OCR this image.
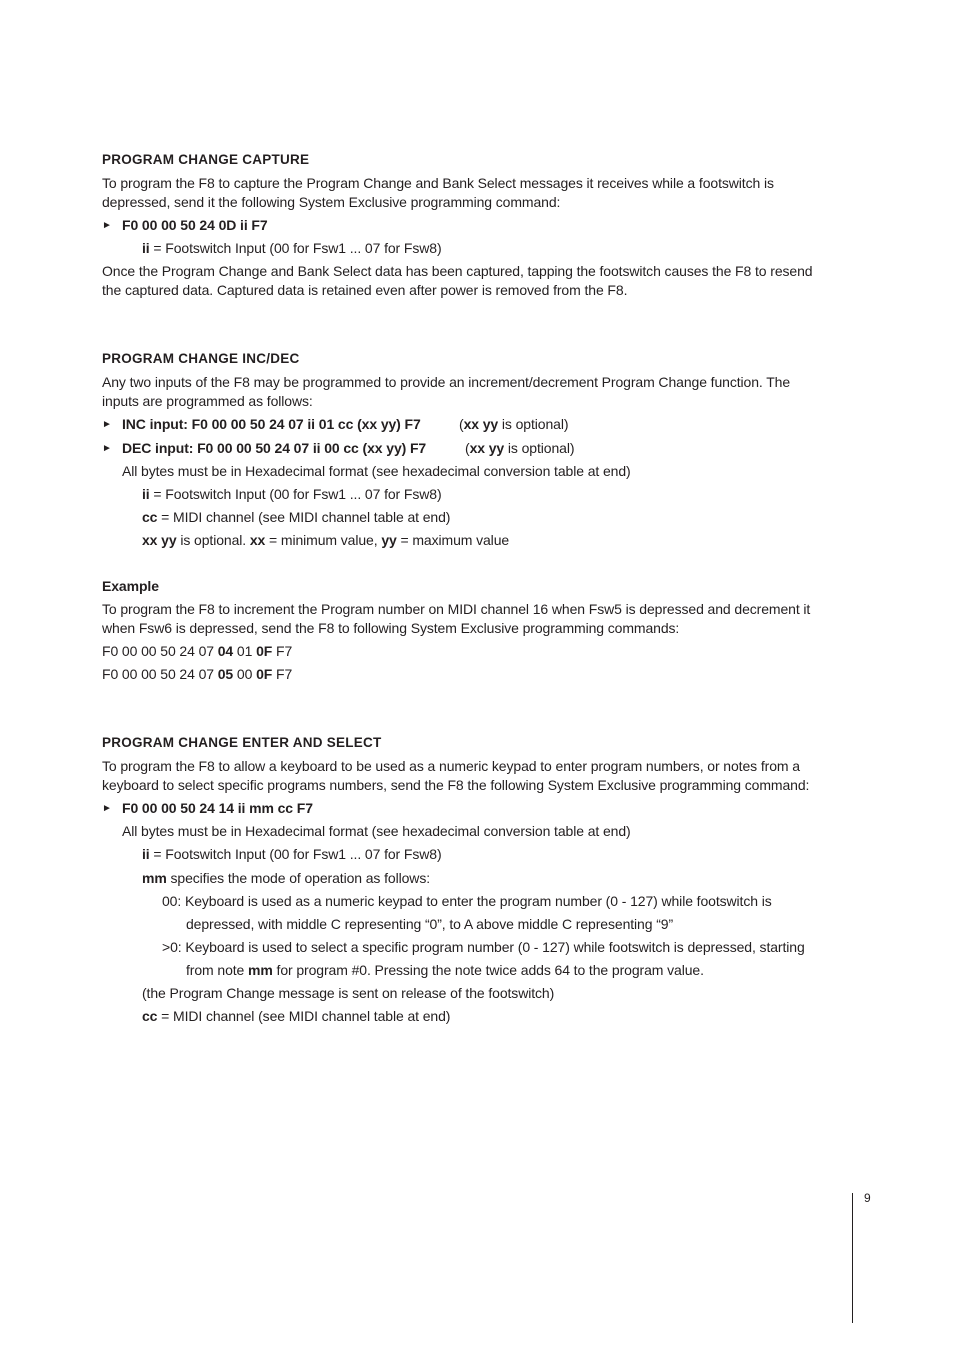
PROGRAM CHANGE CAPTURE
To program the F8 to capture the Program Change and Bank Select messages it receives while a footswitch is
depressed, send it the following System Exclusive programming command:
► F0 00 00 50 24 0D ii F7
ii = Footswitch Input (00 for Fsw1 ... 07 for Fsw8)
Once the Program Change and Bank Select data has been captured, tapping the footswitch causes the F8 to resend
the captured data. Captured data is retained even after power is removed from the F8.
PROGRAM CHANGE INC/DEC
Any two inputs of the F8 may be programmed to provide an increment/decrement Program Change function. The
inputs are programmed as follows:
► INC input: F0 00 00 50 24 07 ii 01 cc (xx yy) F7	(xx yy is optional)
► DEC input: F0 00 00 50 24 07 ii 00 cc (xx yy) F7	(xx yy is optional)
All bytes must be in Hexadecimal format (see hexadecimal conversion table at end)
ii = Footswitch Input (00 for Fsw1 ... 07 for Fsw8)
cc = MIDI channel (see MIDI channel table at end)
xx yy is optional. xx = minimum value, yy = maximum value
Example
To program the F8 to increment the Program number on MIDI channel 16 when Fsw5 is depressed and decrement it
when Fsw6 is depressed, send the F8 to following System Exclusive programming commands:
F0 00 00 50 24 07 04 01 0F F7
F0 00 00 50 24 07 05 00 0F F7
PROGRAM CHANGE ENTER AND SELECT
To program the F8 to allow a keyboard to be used as a numeric keypad to enter program numbers, or notes from a
keyboard to select specific programs numbers, send the F8 the following System Exclusive programming command:
► F0 00 00 50 24 14 ii mm cc F7
All bytes must be in Hexadecimal format (see hexadecimal conversion table at end)
ii = Footswitch Input (00 for Fsw1 ... 07 for Fsw8)
mm specifies the mode of operation as follows:
00: Keyboard is used as a numeric keypad to enter the program number (0 - 127) while footswitch is
depressed, with middle C representing “0”, to A above middle C representing “9”
>0: Keyboard is used to select a specific program number (0 - 127) while footswitch is depressed, starting
from note mm for program #0. Pressing the note twice adds 64 to the program value.
(the Program Change message is sent on release of the footswitch)
cc = MIDI channel (see MIDI channel table at end)
9
